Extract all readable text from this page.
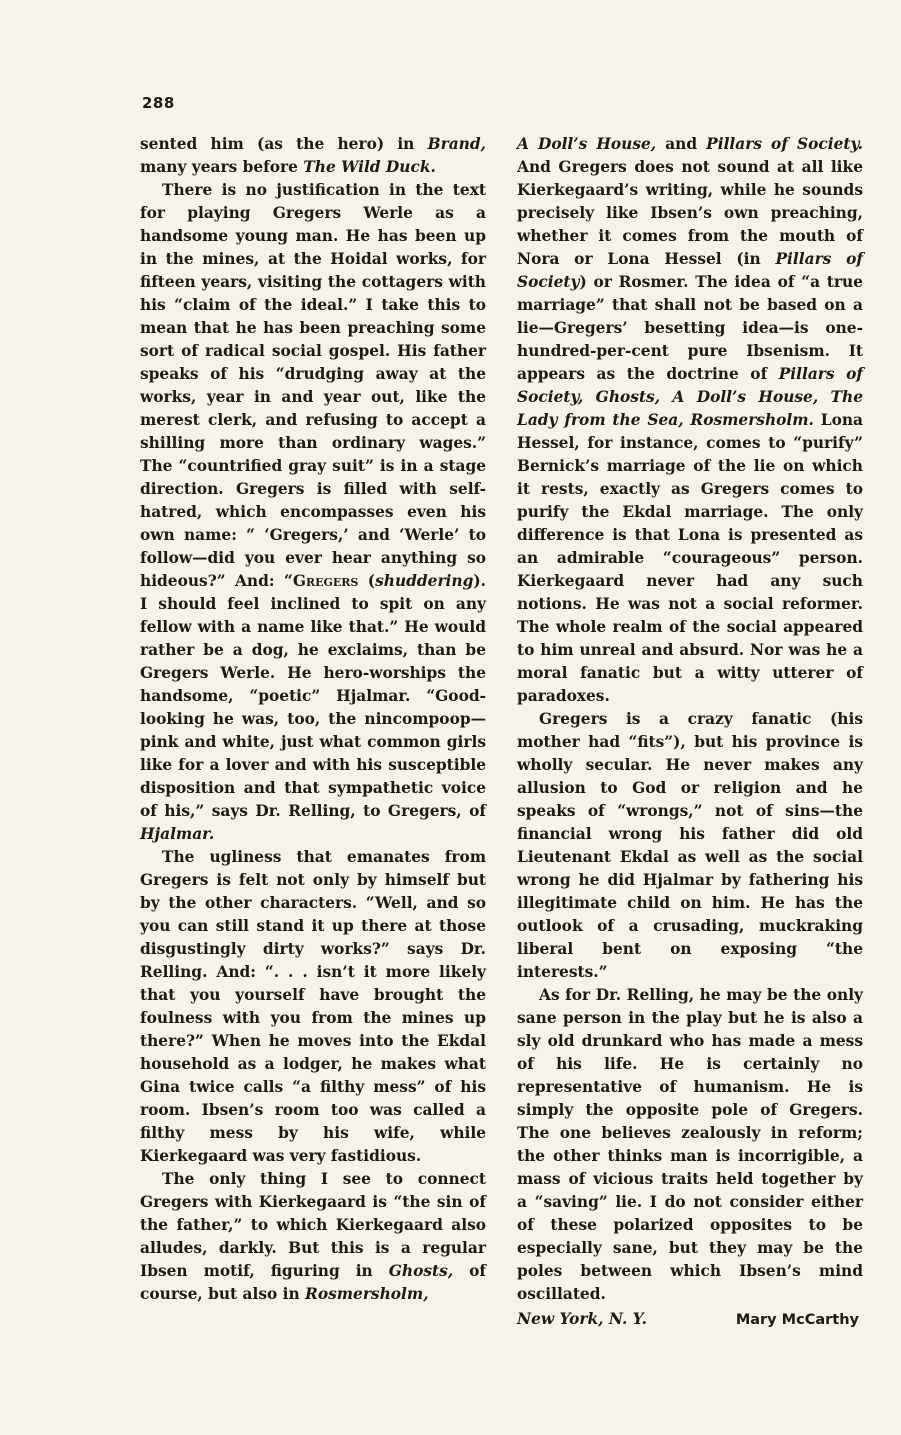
288

sented him (as the hero) in Brand, many years before The Wild Duck.

There is no justification in the text for playing Gregers Werle as a handsome young man. He has been up in the mines, at the Hoidal works, for fifteen years, visiting the cottagers with his “claim of the ideal.” I take this to mean that he has been preaching some sort of radical social gospel. His father speaks of his “drudging away at the works, year in and year out, like the merest clerk, and refusing to accept a shilling more than ordinary wages.” The “countrified gray suit” is in a stage direction. Gregers is filled with self-hatred, which encompasses even his own name: “ ‘Gregers,’ and ‘Werle’ to follow—did you ever hear anything so hideous?” And: “Gregers (shuddering). I should feel inclined to spit on any fellow with a name like that.” He would rather be a dog, he exclaims, than be Gregers Werle. He hero-worships the handsome, “poetic” Hjalmar. “Good-looking he was, too, the nincompoop—pink and white, just what common girls like for a lover and with his susceptible disposition and that sympathetic voice of his,” says Dr. Relling, to Gregers, of Hjalmar.

The ugliness that emanates from Gregers is felt not only by himself but by the other characters. “Well, and so you can still stand it up there at those disgustingly dirty works?” says Dr. Relling. And: “. . . isn’t it more likely that you yourself have brought the foulness with you from the mines up there?” When he moves into the Ekdal household as a lodger, he makes what Gina twice calls “a filthy mess” of his room. Ibsen’s room too was called a filthy mess by his wife, while Kierkegaard was very fastidious.

The only thing I see to connect Gregers with Kierkegaard is “the sin of the father,” to which Kierkegaard also alludes, darkly. But this is a regular Ibsen motif, figuring in Ghosts, of course, but also in Rosmersholm,

A Doll’s House, and Pillars of Society. And Gregers does not sound at all like Kierkegaard’s writing, while he sounds precisely like Ibsen’s own preaching, whether it comes from the mouth of Nora or Lona Hessel (in Pillars of Society) or Rosmer. The idea of “a true marriage” that shall not be based on a lie—Gregers’ besetting idea—is one-hundred-per-cent pure Ibsenism. It appears as the doctrine of Pillars of Society, Ghosts, A Doll’s House, The Lady from the Sea, Rosmersholm. Lona Hessel, for instance, comes to “purify” Bernick’s marriage of the lie on which it rests, exactly as Gregers comes to purify the Ekdal marriage. The only difference is that Lona is presented as an admirable “courageous” person. Kierkegaard never had any such notions. He was not a social reformer. The whole realm of the social appeared to him unreal and absurd. Nor was he a moral fanatic but a witty utterer of paradoxes.

Gregers is a crazy fanatic (his mother had “fits”), but his province is wholly secular. He never makes any allusion to God or religion and he speaks of “wrongs,” not of sins—the financial wrong his father did old Lieutenant Ekdal as well as the social wrong he did Hjalmar by fathering his illegitimate child on him. He has the outlook of a crusading, muckraking liberal bent on exposing “the interests.”

As for Dr. Relling, he may be the only sane person in the play but he is also a sly old drunkard who has made a mess of his life. He is certainly no representative of humanism. He is simply the opposite pole of Gregers. The one believes zealously in reform; the other thinks man is incorrigible, a mass of vicious traits held together by a “saving” lie. I do not consider either of these polarized opposites to be especially sane, but they may be the poles between which Ibsen’s mind oscillated.

New York, N. Y.	Mary McCarthy
